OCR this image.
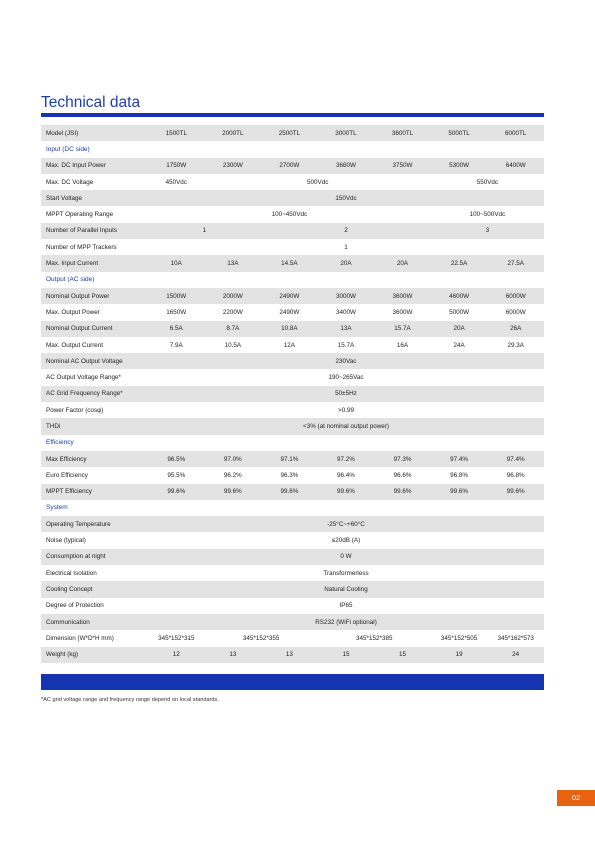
Technical data
Model (JSI)	1500TL	2000TL	2500TL	3000TL	3600TL	5000TL	6000TL
Input (DC side)							
Max. DC Input Power	1750W	2300W	2700W	3660W	3750W	5300W	6400W
Max. DC Voltage	450Vdc	500Vdc				550Vdc	
Start Voltage	150Vdc						
MPPT Operating Range	100~450Vdc					100~500Vdc	
Number of Parallel Inputs	1		2			3	
Number of MPP Trackers	1						
Max. Input Current	10A	13A	14.5A	20A	20A	22.5A	27.5A
Output (AC side)							
Nominal Output Power	1500W	2000W	2490W	3000W	3600W	4600W	6000W
Max. Output Power	1650W	2200W	2490W	3400W	3600W	5000W	6000W
Nominal Output Current	6.5A	8.7A	10.8A	13A	15.7A	20A	26A
Max. Output Current	7.9A	10.5A	12A	15.7A	16A	24A	29.3A
Nominal AC Output Voltage	230Vac						
AC Output Voltage Range*	190~265Vac						
AC Grid Frequency Range*	50±5Hz						
Power Factor (cosφ)	>0.99						
THDi	<3% (at nominal output power)						
Efficiency							
Max Efficiency	96.5%	97.0%	97.1%	97.2%	97.3%	97.4%	97.4%
Euro Efficiency	95.5%	96.2%	96.3%	96.4%	96.6%	96.8%	96.8%
MPPT Efficiency	99.6%	99.6%	99.6%	99.6%	99.6%	99.6%	99.6%
System							
Operating Temperature	-25°C~+60°C						
Noise (typical)	≤20dB (A)						
Consumption at night	0 W						
Electrical Isolation	Transformerless						
Cooling Concept	Natural Cooling						
Degree of Protection	IP65						
Communication	RS232 (WiFi optional)						
Dimension (W*D*H mm)	345*152*315	345*152*355		345*152*385		345*152*505	345*162*573
Weight (kg)	12	13	13	15	15	19	24
*AC grid voltage range and frequency range depend on local standards.
02
